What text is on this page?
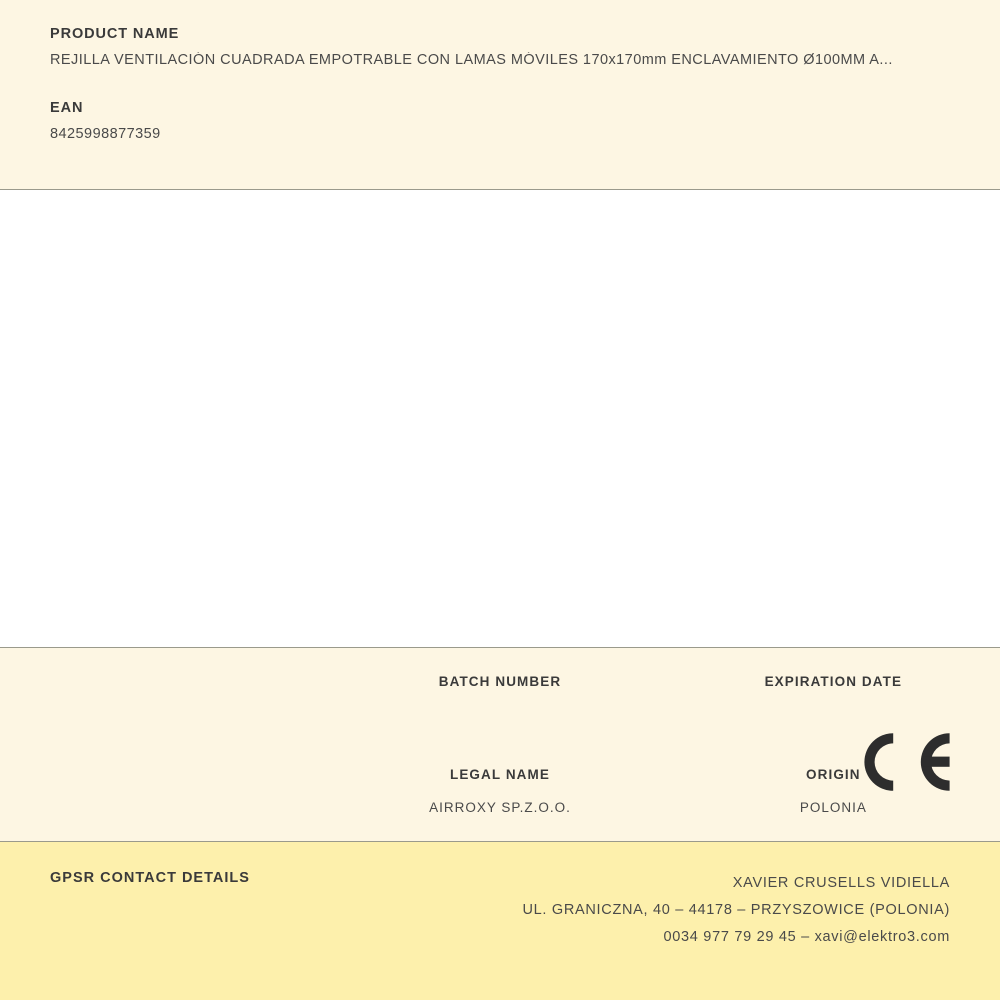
PRODUCT NAME

REJILLA VENTILACIÓN CUADRADA EMPOTRABLE CON LAMAS MÓVILES 170x170mm ENCLAVAMIENTO Ø100MM A...

EAN

8425998877359

BATCH NUMBER	EXPIRATION DATE

LEGAL NAME

AIRROXY SP.Z.O.O.

ORIGIN

POLONIA

GPSR CONTACT DETAILS	XAVIER CRUSELLS VIDIELLA
UL. GRANICZNA, 40 – 44178 – PRZYSZOWICE (POLONIA)
0034 977 79 29 45 – xavi@elektro3.com
